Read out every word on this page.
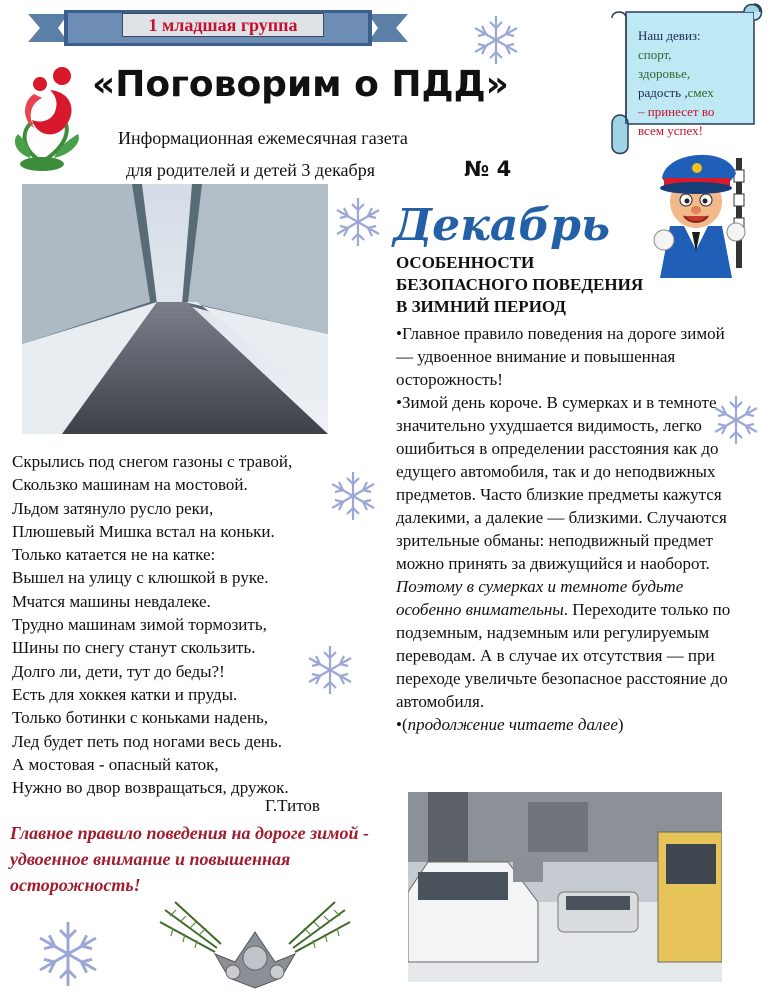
1 младшая группа
«Поговорим о ПДД»
Информационная ежемесячная газета
для родителей и детей 3 декабря	№ 4
Наш девиз:
спорт,
здоровье,
радость ,смех
– принесет во всем успех!
Декабрь
ОСОБЕННОСТИ
БЕЗОПАСНОГО ПОВЕДЕНИЯ
В ЗИМНИЙ ПЕРИОД

•Главное правило поведения на дороге зимой — удвоенное внимание и повышенная осторожность!

•Зимой день короче. В сумерках и в темноте значительно ухудшается видимость, легко ошибиться в определении расстояния как до едущего автомобиля, так и до неподвижных предметов. Часто близкие предметы кажутся далекими, а далекие — близкими. Случаются зрительные обманы: неподвижный предмет можно принять за движущийся и наоборот.

Поэтому в сумерках и темноте будьте особенно внимательны. Переходите только по подземным, надземным или регулируемым переводам. А в случае их отсутствия — при переходе увеличьте безопасное расстояние до автомобиля.

•(продолжение читаете далее)

Скрылись под снегом газоны с травой,
Скользко машинам на мостовой.
Льдом затянуло русло реки,
Плюшевый Мишка встал на коньки.
Только катается не на катке:
Вышел на улицу с клюшкой в руке.
Мчатся машины невдалеке.
Трудно машинам зимой тормозить,
Шины по снегу станут скользить.
Долго ли, дети, тут до беды?!
Есть для хоккея катки и пруды.
Только ботинки с коньками надень,
Лед будет петь под ногами весь день.
А мостовая - опасный каток,
Нужно во двор возвращаться, дружок.
Г.Титов
Главное правило поведения на дороге зимой - удвоенное внимание и повышенная осторожность!
